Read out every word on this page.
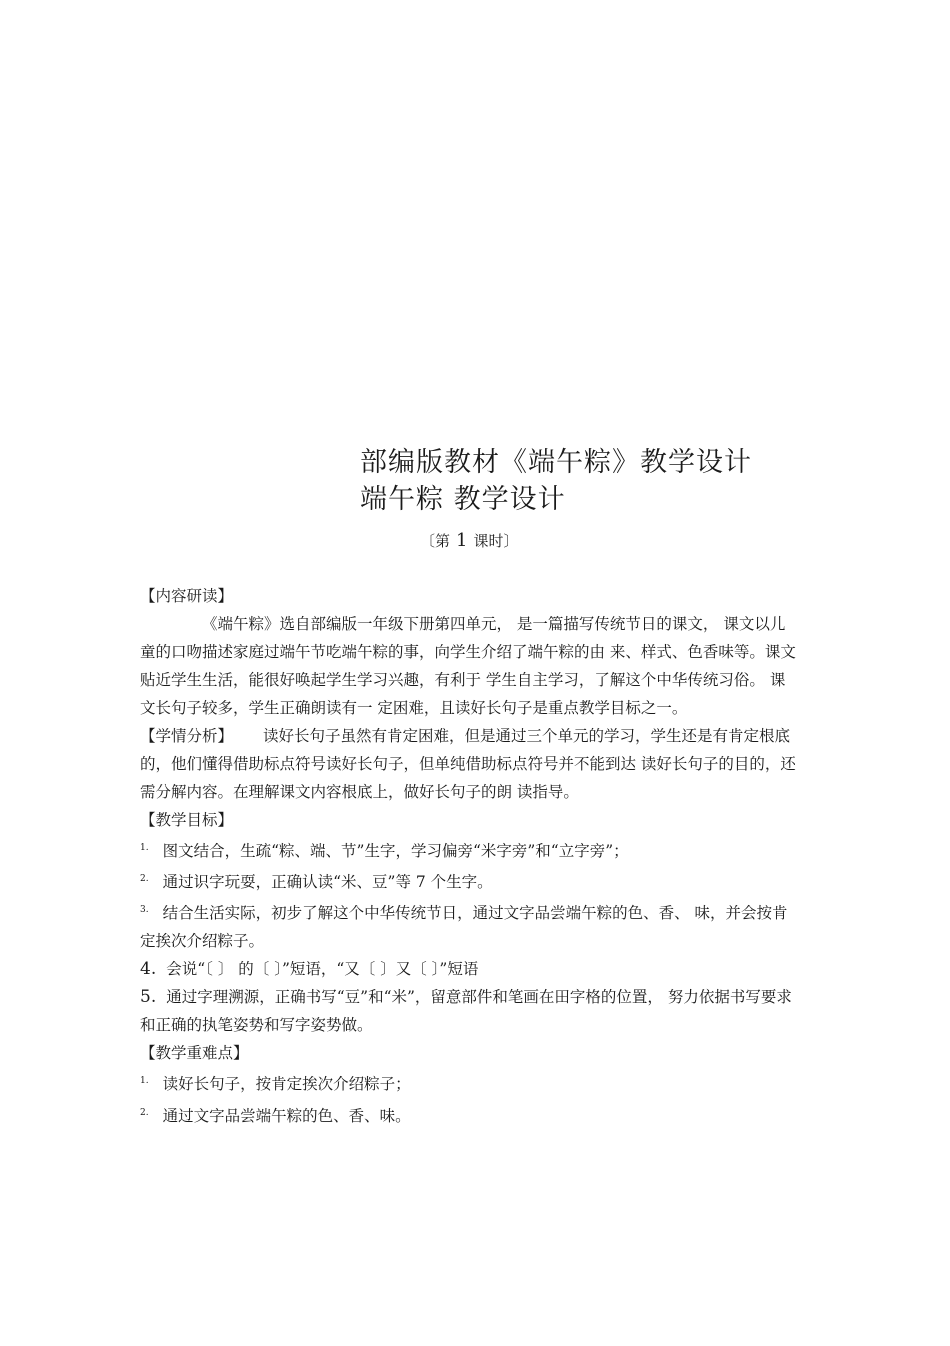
部编版教材《端午粽》教学设计
端午粽 教学设计
〔第 1 课时〕

【内容研读】

《端午粽》选自部编版一年级下册第四单元， 是一篇描写传统节日的课文， 课文以儿童的口吻描述家庭过端午节吃端午粽的事，向学生介绍了端午粽的由 来、样式、色香味等。课文贴近学生生活，能很好唤起学生学习兴趣，有利于 学生自主学习，了解这个中华传统习俗。 课文长句子较多，学生正确朗读有一 定困难，且读好长句子是重点教学目标之一。

【学情分析】 读好长句子虽然有肯定困难，但是通过三个单元的学习，学生还是有肯定根底的，他们懂得借助标点符号读好长句子，但单纯借助标点符号并不能到达 读好长句子的目的，还需分解内容。在理解课文内容根底上，做好长句子的朗 读指导。

【教学目标】

$^{1.}$ 图文结合，生疏“粽、端、节”生字，学习偏旁“米字旁”和“立字旁”；

$^{2.}$ 通过识字玩耍，正确认读“米、豆”等 7 个生字。

$^{3.}$ 结合生活实际，初步了解这个中华传统节日，通过文字品尝端午粽的色、香、 味，并会按肯定挨次介绍粽子。

4. 会说“〔 〕 的〔 〕”短语，“又〔 〕又〔 〕”短语

5. 通过字理溯源，正确书写“豆”和“米”，留意部件和笔画在田字格的位置， 努力依据书写要求和正确的执笔姿势和写字姿势做。

【教学重难点】

$^{1.}$ 读好长句子，按肯定挨次介绍粽子；

$^{2.}$ 通过文字品尝端午粽的色、香、味。
